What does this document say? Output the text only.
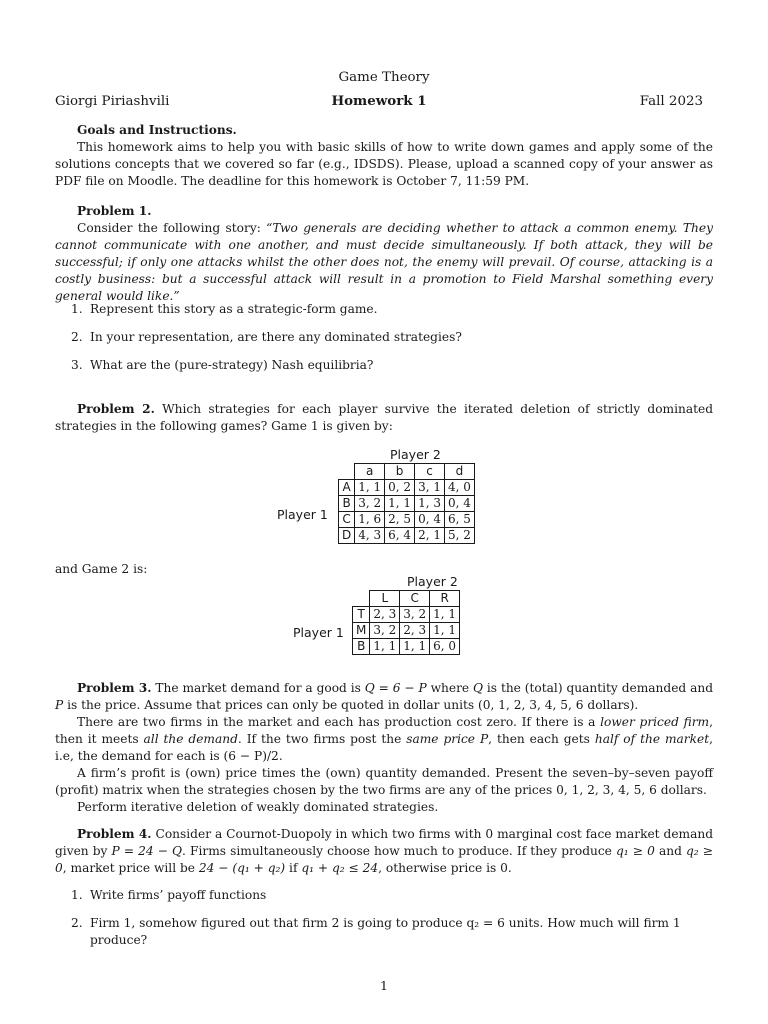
Game Theory
Giorgi Piriashvili	Homework 1	Fall 2023

Goals and Instructions.

This homework aims to help you with basic skills of how to write down games and apply some of the solutions concepts that we covered so far (e.g., IDSDS). Please, upload a scanned copy of your answer as PDF file on Moodle. The deadline for this homework is October 7, 11:59 PM.

Problem 1.

Consider the following story: “Two generals are deciding whether to attack a common enemy. They cannot communicate with one another, and must decide simultaneously. If both attack, they will be successful; if only one attacks whilst the other does not, the enemy will prevail. Of course, attacking is a costly business: but a successful attack will result in a promotion to Field Marshal something every general would like.”

1. Represent this story as a strategic-form game.
2. In your representation, are there any dominated strategies?
3. What are the (pure-strategy) Nash equilibria?

Problem 2. Which strategies for each player survive the iterated deletion of strictly dominated strategies in the following games? Game 1 is given by:

Player 2
Player 1
	a	b	c	d
A	1, 1	0, 2	3, 1	4, 0
B	3, 2	1, 1	1, 3	0, 4
C	1, 6	2, 5	0, 4	6, 5
D	4, 3	6, 4	2, 1	5, 2

and Game 2 is:

Player 2
Player 1
	L	C	R
T	2, 3	3, 2	1, 1
M	3, 2	2, 3	1, 1
B	1, 1	1, 1	6, 0

Problem 3. The market demand for a good is Q = 6 − P where Q is the (total) quantity demanded and P is the price. Assume that prices can only be quoted in dollar units (0, 1, 2, 3, 4, 5, 6 dollars).

There are two firms in the market and each has production cost zero. If there is a lower priced firm, then it meets all the demand. If the two firms post the same price P, then each gets half of the market, i.e, the demand for each is (6 − P)/2.

A firm’s profit is (own) price times the (own) quantity demanded. Present the seven–by–seven payoff (profit) matrix when the strategies chosen by the two firms are any of the prices 0, 1, 2, 3, 4, 5, 6 dollars.

Perform iterative deletion of weakly dominated strategies.

Problem 4. Consider a Cournot-Duopoly in which two firms with 0 marginal cost face market demand given by P = 24 − Q. Firms simultaneously choose how much to produce. If they produce q₁ ≥ 0 and q₂ ≥ 0, market price will be 24 − (q₁ + q₂) if q₁ + q₂ ≤ 24, otherwise price is 0.

1. Write firms’ payoff functions
2. Firm 1, somehow figured out that firm 2 is going to produce q₂ = 6 units. How much will firm 1 produce?
1
